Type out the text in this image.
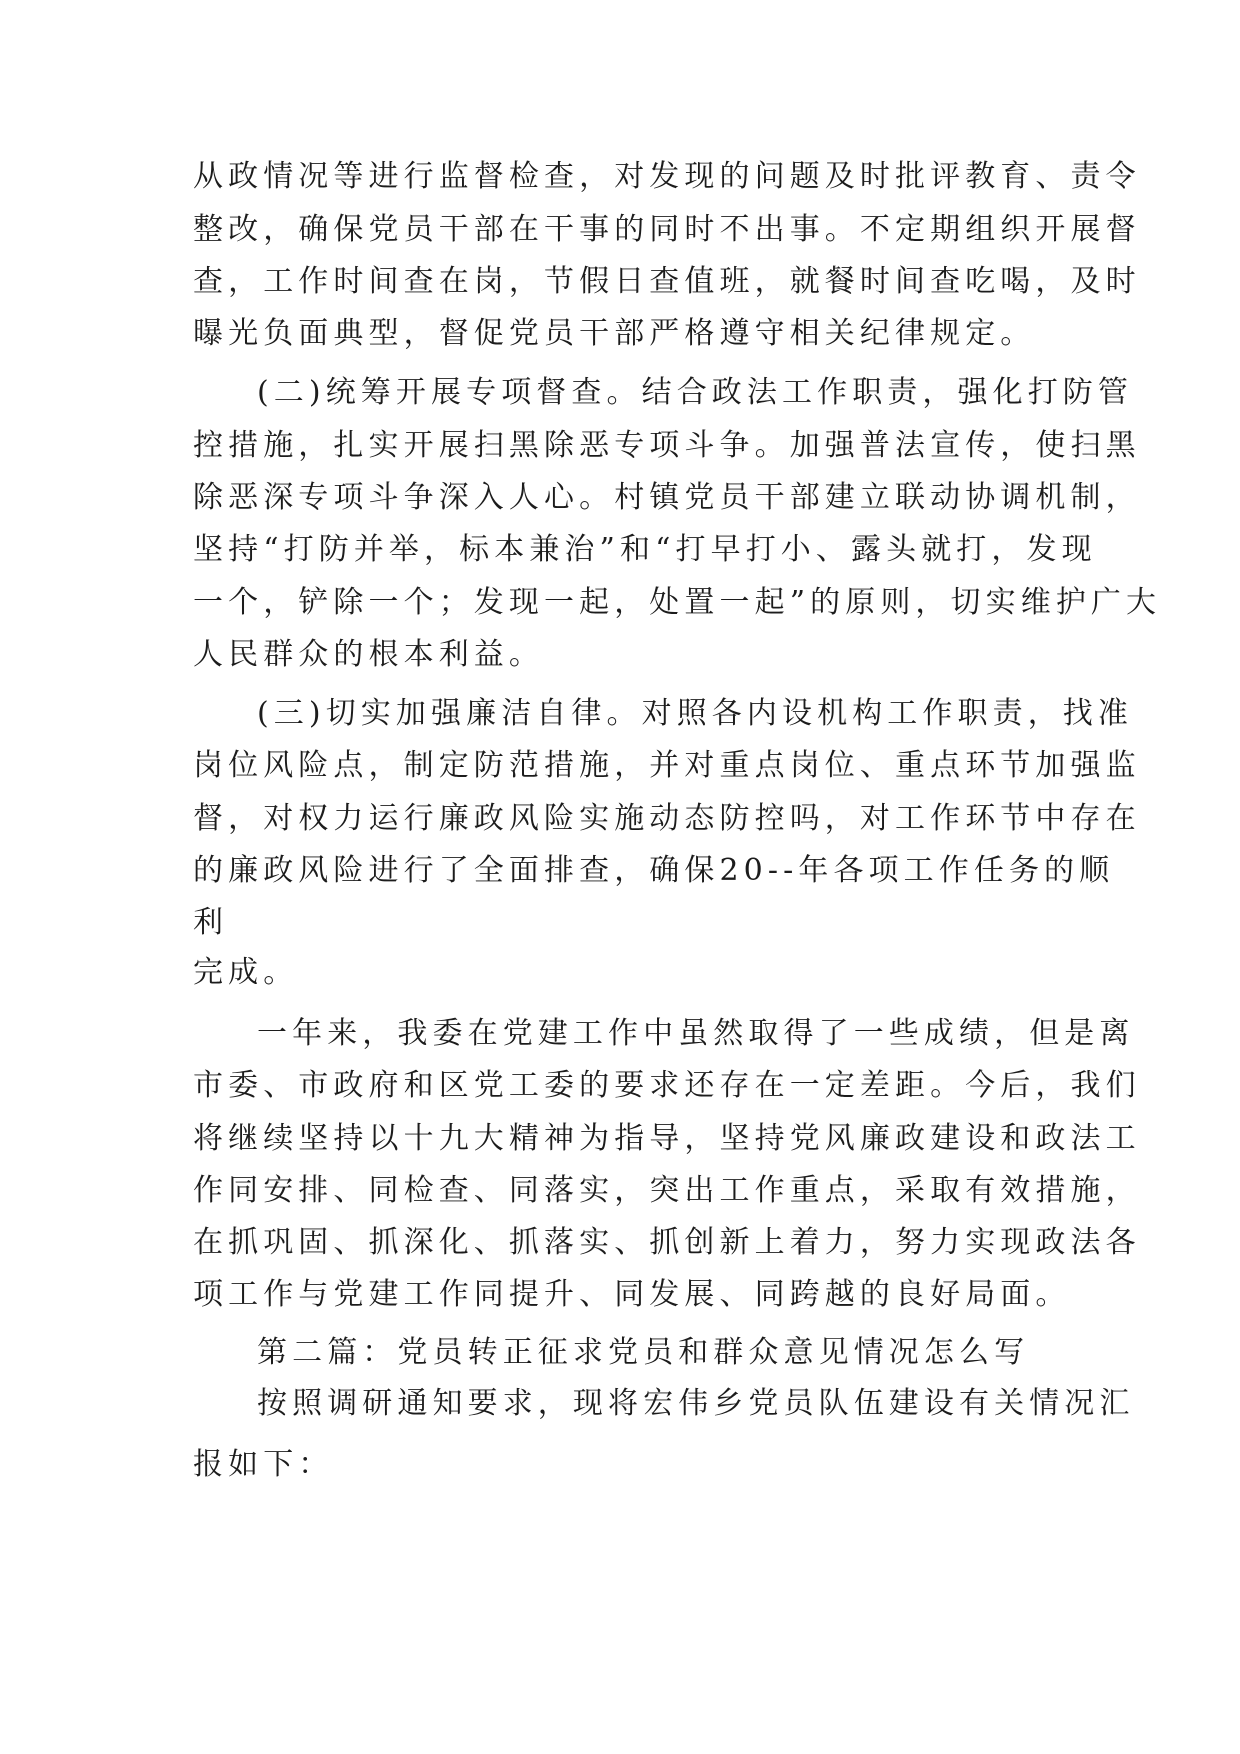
从政情况等进行监督检查，对发现的问题及时批评教育、责令

整改，确保党员干部在干事的同时不出事。不定期组织开展督

查，工作时间查在岗，节假日查值班，就餐时间查吃喝，及时

曝光负面典型，督促党员干部严格遵守相关纪律规定。

(二)统筹开展专项督查。结合政法工作职责，强化打防管

控措施，扎实开展扫黑除恶专项斗争。加强普法宣传，使扫黑

除恶深专项斗争深入人心。村镇党员干部建立联动协调机制，

坚持“打防并举，标本兼治”和“打早打小、露头就打，发现

一个，铲除一个；发现一起，处置一起”的原则，切实维护广大

人民群众的根本利益。

(三)切实加强廉洁自律。对照各内设机构工作职责，找准

岗位风险点，制定防范措施，并对重点岗位、重点环节加强监

督，对权力运行廉政风险实施动态防控吗，对工作环节中存在

的廉政风险进行了全面排查，确保20--年各项工作任务的顺

利

完成。

一年来，我委在党建工作中虽然取得了一些成绩，但是离

市委、市政府和区党工委的要求还存在一定差距。今后，我们

将继续坚持以十九大精神为指导，坚持党风廉政建设和政法工

作同安排、同检查、同落实，突出工作重点，采取有效措施，

在抓巩固、抓深化、抓落实、抓创新上着力，努力实现政法各

项工作与党建工作同提升、同发展、同跨越的良好局面。

第二篇：党员转正征求党员和群众意见情况怎么写

按照调研通知要求，现将宏伟乡党员队伍建设有关情况汇

报如下：
